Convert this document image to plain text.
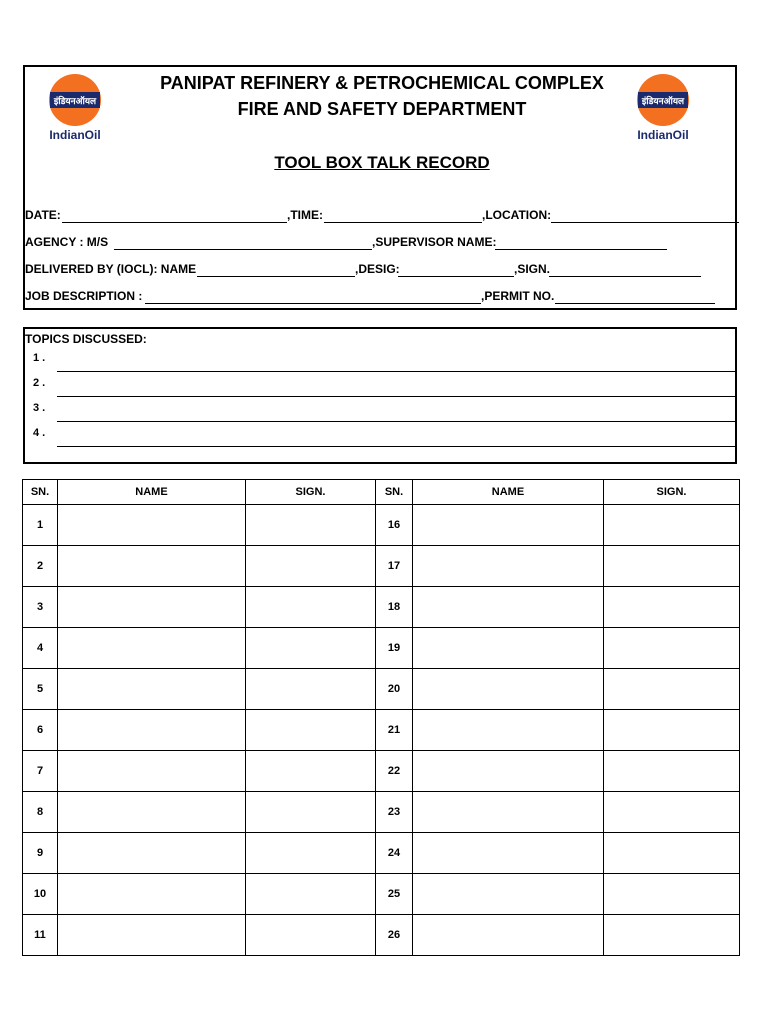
इंडियनऑयल
IndianOil
इंडियनऑयल
IndianOil
PANIPAT REFINERY & PETROCHEMICAL COMPLEX
FIRE AND SAFETY DEPARTMENT
TOOL BOX TALK RECORD
DATE:	,TIME:	,LOCATION:
AGENCY : M/S	,SUPERVISOR NAME:
DELIVERED BY (IOCL): NAME	,DESIG:	,SIGN.
JOB DESCRIPTION :	,PERMIT NO.
TOPICS DISCUSSED:
1 .
2 .
3 .
4 .
SN.	NAME	SIGN.	SN.	NAME	SIGN.
1			16		
2			17		
3			18		
4			19		
5			20		
6			21		
7			22		
8			23		
9			24		
10			25		
11			26		
